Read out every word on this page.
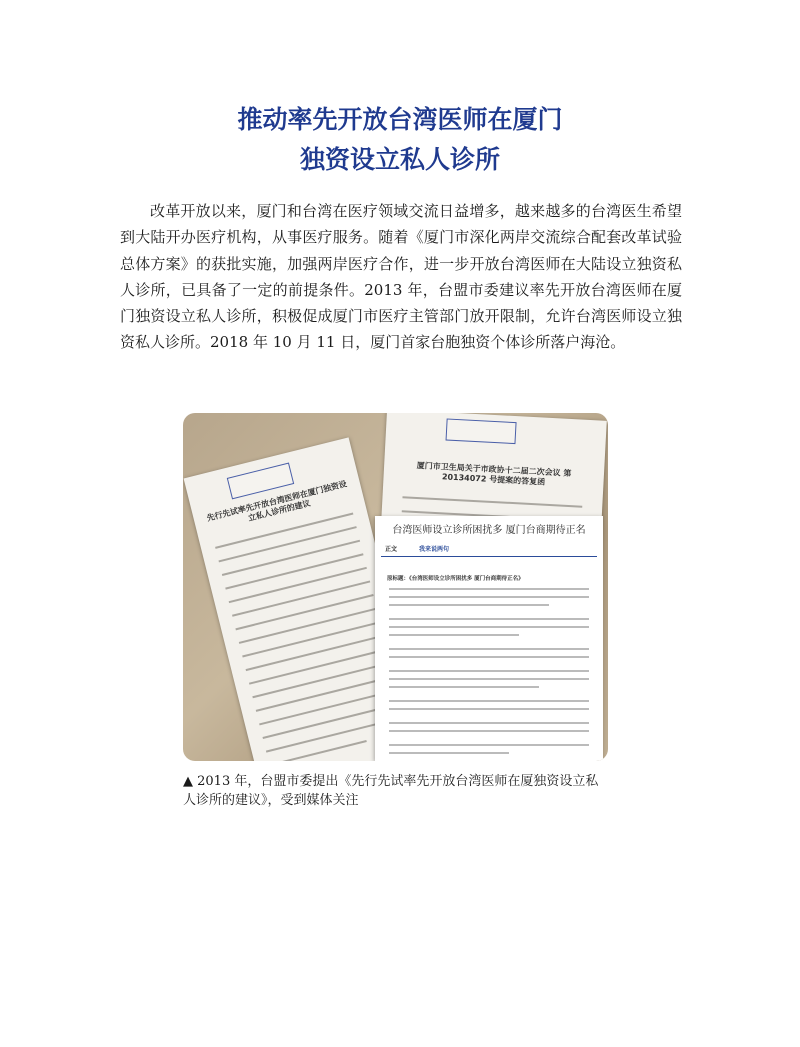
推动率先开放台湾医师在厦门
独资设立私人诊所

改革开放以来，厦门和台湾在医疗领域交流日益增多，越来越多的台湾医生希望到大陆开办医疗机构，从事医疗服务。随着《厦门市深化两岸交流综合配套改革试验总体方案》的获批实施，加强两岸医疗合作，进一步开放台湾医师在大陆设立独资私人诊所，已具备了一定的前提条件。2013 年，台盟市委建议率先开放台湾医师在厦门独资设立私人诊所，积极促成厦门市医疗主管部门放开限制，允许台湾医师设立独资私人诊所。2018 年 10 月 11 日，厦门首家台胞独资个体诊所落户海沧。

先行先试率先开放台湾医师在厦门独资设立私人诊所的建议
厦门市卫生局关于市政协十二届二次会议 第 20134072 号提案的答复函
台湾医师设立诊所困扰多 厦门台商期待正名
正文	我来说两句
原标题：《台湾医师设立诊所困扰多 厦门台商期待正名》

▲ 2013 年，台盟市委提出《先行先试率先开放台湾医师在厦独资设立私人诊所的建议》，受到媒体关注
